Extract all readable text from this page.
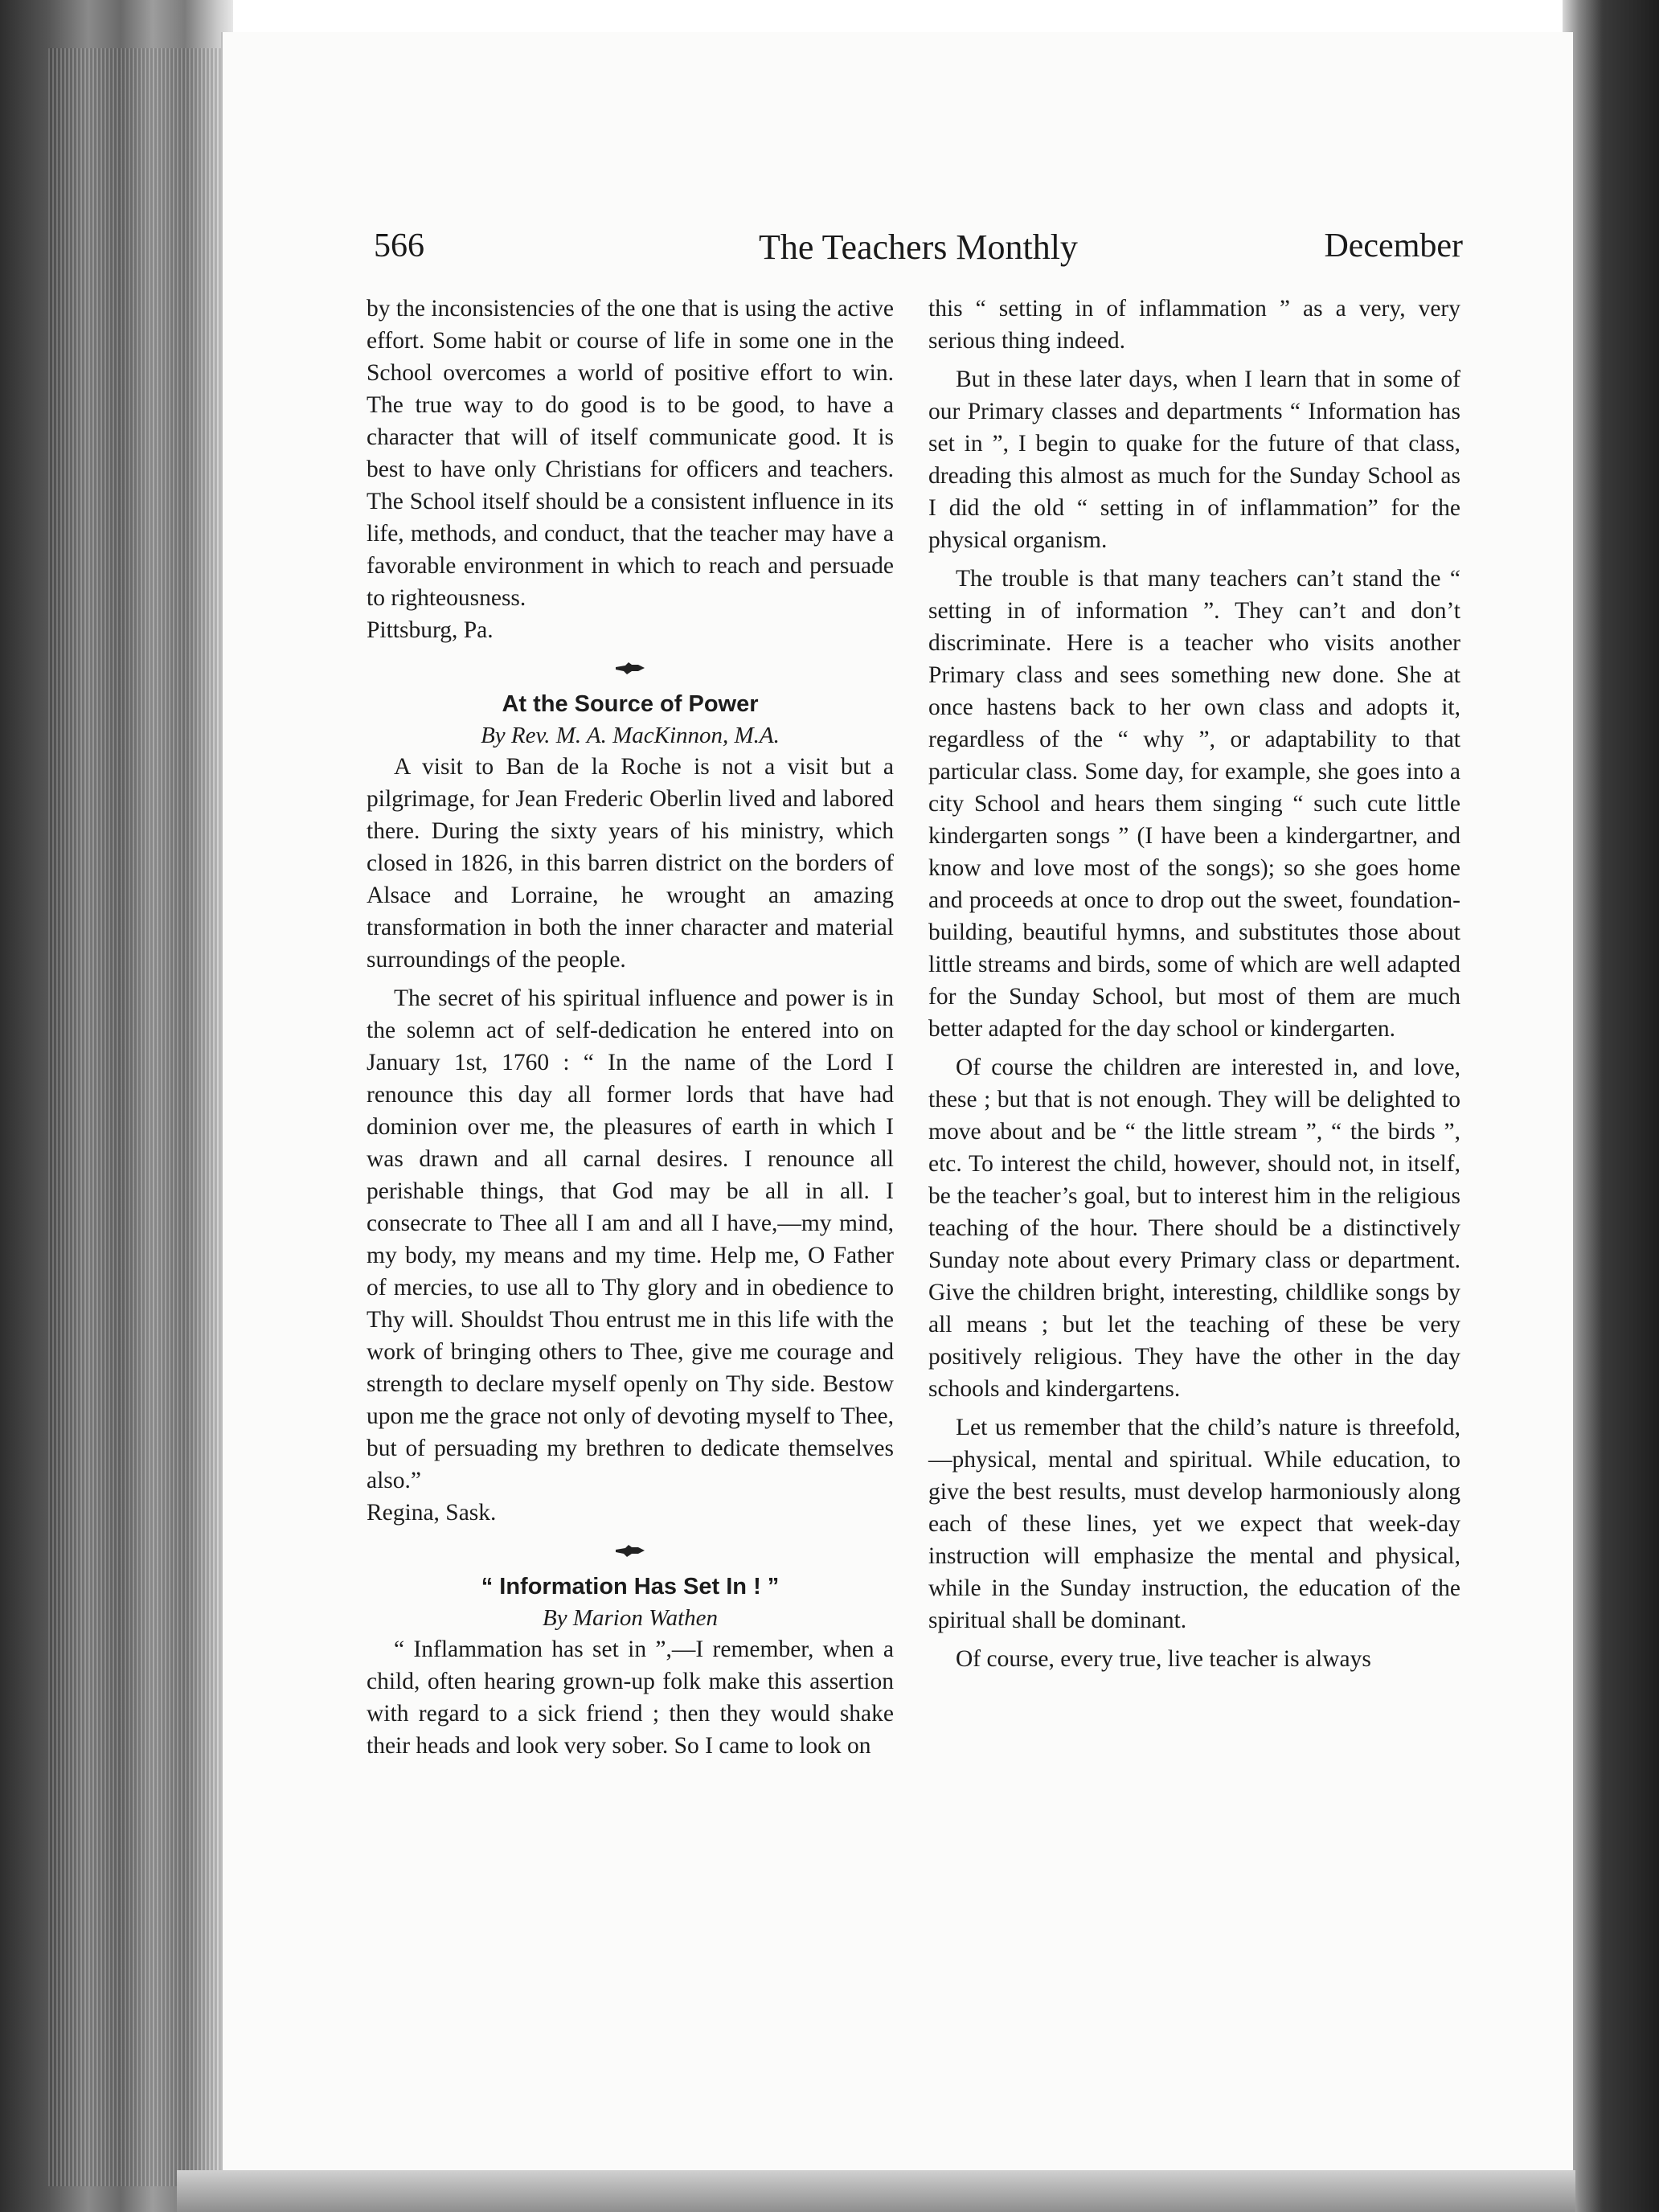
566	The Teachers Monthly	December

by the inconsistencies of the one that is using the active effort. Some habit or course of life in some one in the School overcomes a world of positive effort to win. The true way to do good is to be good, to have a character that will of itself communicate good. It is best to have only Christians for officers and teachers. The School itself should be a consistent influence in its life, methods, and conduct, that the teacher may have a favorable environment in which to reach and persuade to righteousness.

Pittsburg, Pa.

At the Source of Power

By Rev. M. A. MacKinnon, M.A.

A visit to Ban de la Roche is not a visit but a pilgrimage, for Jean Frederic Oberlin lived and labored there. During the sixty years of his ministry, which closed in 1826, in this barren district on the borders of Alsace and Lorraine, he wrought an amazing transformation in both the inner character and material surroundings of the people.

The secret of his spiritual influence and power is in the solemn act of self-dedication he entered into on January 1st, 1760 : “ In the name of the Lord I renounce this day all former lords that have had dominion over me, the pleasures of earth in which I was drawn and all carnal desires. I renounce all perishable things, that God may be all in all. I consecrate to Thee all I am and all I have,—my mind, my body, my means and my time. Help me, O Father of mercies, to use all to Thy glory and in obedience to Thy will. Shouldst Thou entrust me in this life with the work of bringing others to Thee, give me courage and strength to declare myself openly on Thy side. Bestow upon me the grace not only of devoting myself to Thee, but of persuading my brethren to dedicate themselves also.”

Regina, Sask.

“ Information Has Set In ! ”

By Marion Wathen

“ Inflammation has set in ”,—I remember, when a child, often hearing grown-up folk make this assertion with regard to a sick friend ; then they would shake their heads and look very sober. So I came to look on

this “ setting in of inflammation ” as a very, very serious thing indeed.

But in these later days, when I learn that in some of our Primary classes and departments “ Information has set in ”, I begin to quake for the future of that class, dreading this almost as much for the Sunday School as I did the old “ setting in of inflammation” for the physical organism.

The trouble is that many teachers can’t stand the “ setting in of information ”. They can’t and don’t discriminate. Here is a teacher who visits another Primary class and sees something new done. She at once hastens back to her own class and adopts it, regardless of the “ why ”, or adaptability to that particular class. Some day, for example, she goes into a city School and hears them singing “ such cute little kindergarten songs ” (I have been a kindergartner, and know and love most of the songs); so she goes home and proceeds at once to drop out the sweet, foundation-building, beautiful hymns, and substitutes those about little streams and birds, some of which are well adapted for the Sunday School, but most of them are much better adapted for the day school or kindergarten.

Of course the children are interested in, and love, these ; but that is not enough. They will be delighted to move about and be “ the little stream ”, “ the birds ”, etc. To interest the child, however, should not, in itself, be the teacher’s goal, but to interest him in the religious teaching of the hour. There should be a distinctively Sunday note about every Primary class or department. Give the children bright, interesting, childlike songs by all means ; but let the teaching of these be very positively religious. They have the other in the day schools and kindergartens.

Let us remember that the child’s nature is threefold,—physical, mental and spiritual. While education, to give the best results, must develop harmoniously along each of these lines, yet we expect that week-day instruction will emphasize the mental and physical, while in the Sunday instruction, the education of the spiritual shall be dominant.

Of course, every true, live teacher is always
